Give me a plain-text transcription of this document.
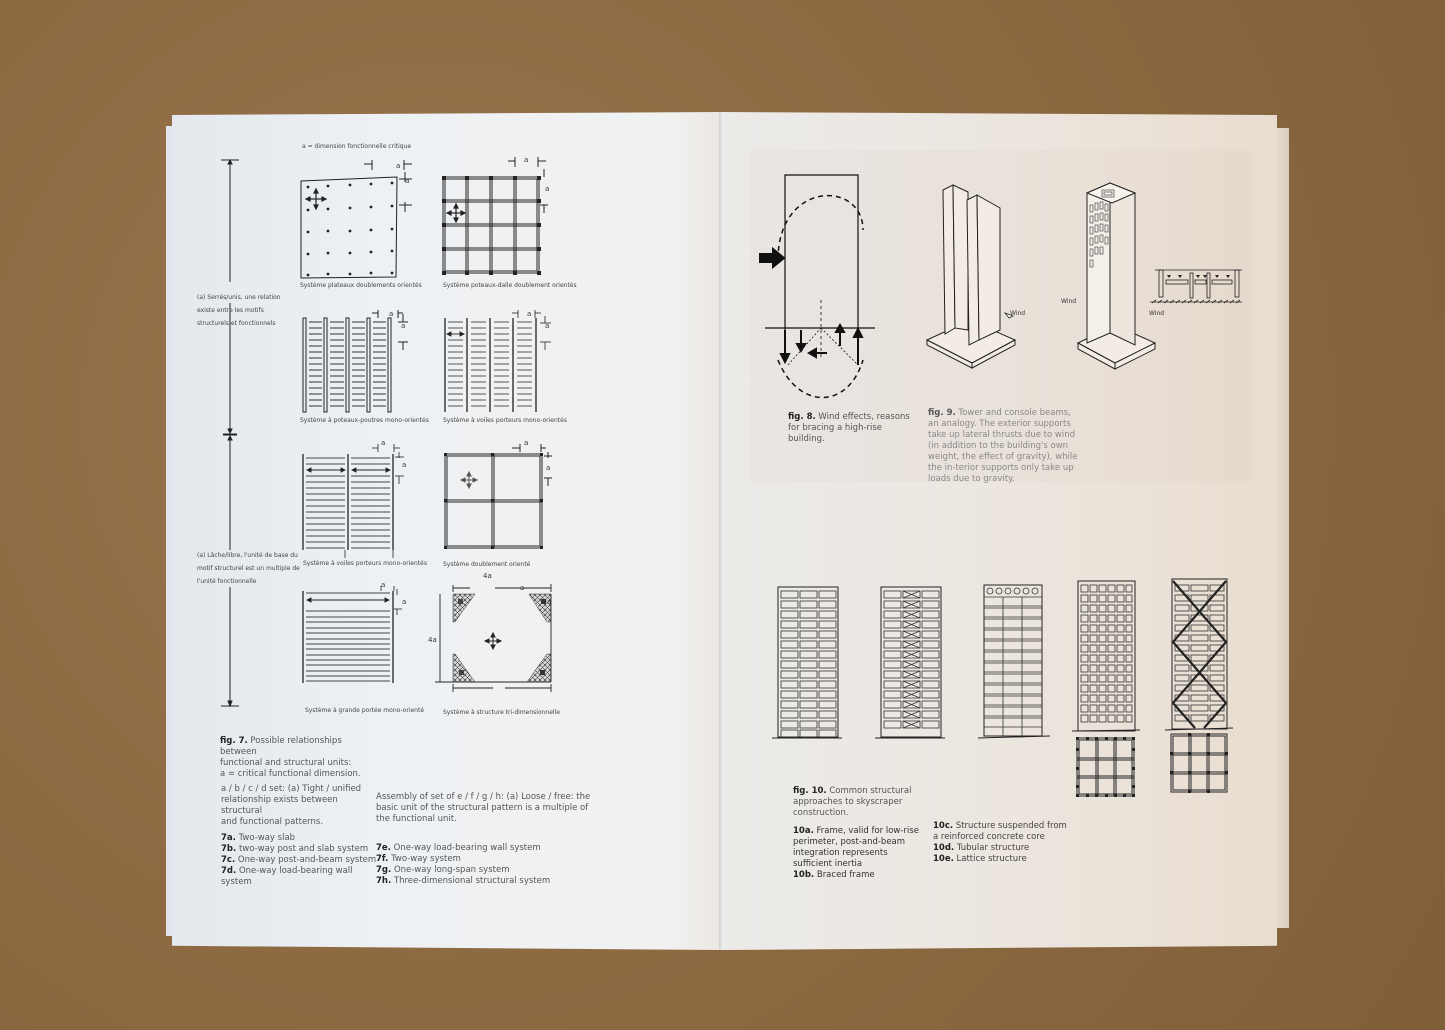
a = dimension fonctionnelle critique
(a) Serrés/unis, une relation
existe entre les motifs
structurels et fonctionnels
(a) Lâche/libre, l'unité de base du
motif structurel est un multiple de
l'unité fonctionnelle
a
a
Système plateaux doublements orientés
a
a
Système poteaux-dalle doublement orientés
a
a
Système à poteaux-poutres mono-orientés
a
a
Système à voiles porteurs mono-orientés
a
a
Système à voiles porteurs mono-orientés
a
a
Système doublement orienté
a
a
Système à grande portée mono-orienté
4a
4a
a
a
Système à structure tri-dimensionnelle
fig. 7. Possible relationships between
functional and structural units:
a = critical functional dimension.
a / b / c / d set: (a) Tight / unified
relationship exists between structural
and functional patterns.
Assembly of set of e / f / g / h: (a) Loose / free: the
basic unit of the structural pattern is a multiple of
the functional unit.
7a. Two-way slab
7b. two-way post and slab system
7c. One-way post-and-beam system
7d. One-way load-bearing wall system
7e. One-way load-bearing wall system
7f. Two-way system
7g. One-way long-span system
7h. Three-dimensional structural system
Wind
Wind
Wind
fig. 8. Wind effects, reasons
for bracing a high-rise
building.
fig. 9. Tower and console beams,
an analogy. The exterior supports
take up lateral thrusts due to wind
(in addition to the building's own
weight, the effect of gravity), while
the in-terior supports only take up
loads due to gravity.
fig. 10. Common structural
approaches to skyscraper
construction.
10a. Frame, valid for low-rise
perimeter, post-and-beam
integration represents
sufficient inertia
10b. Braced frame
10c. Structure suspended from
a reinforced concrete core
10d. Tubular structure
10e. Lattice structure
